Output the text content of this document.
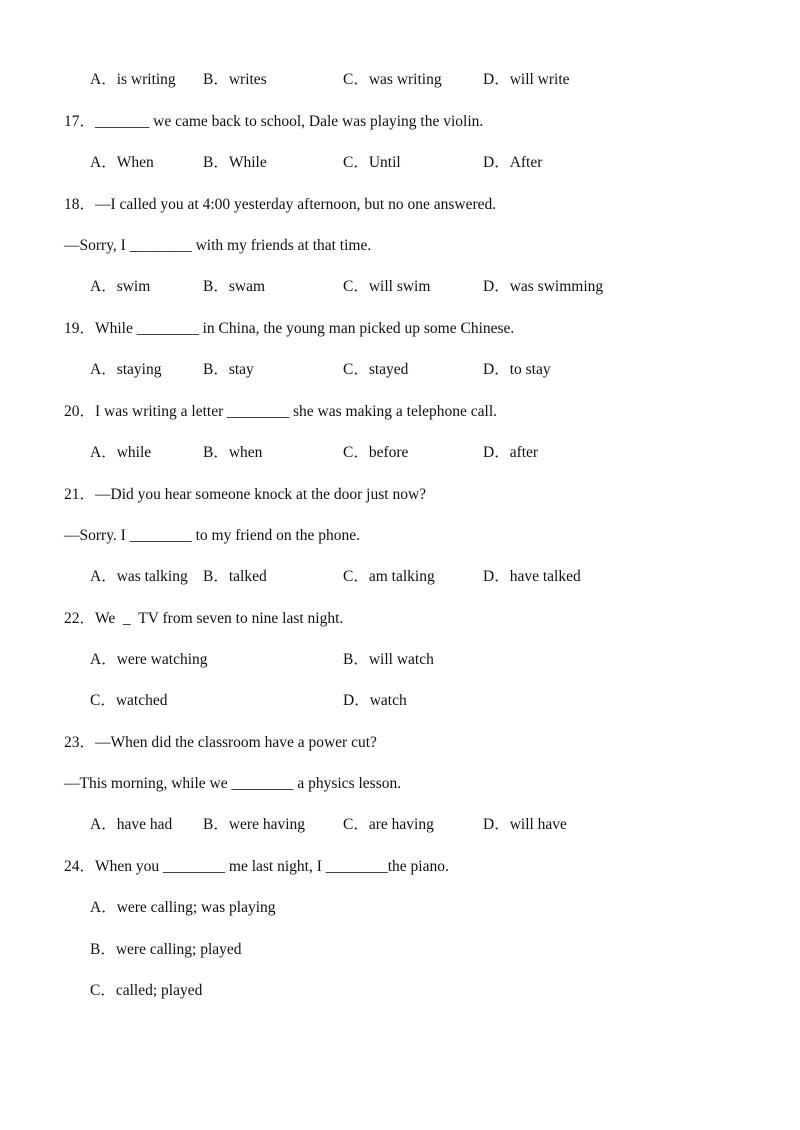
A．is writing B．writes	C．was writing	D．will write
17．_______ we came back to school, Dale was playing the violin.
A．When	B．While	C．Until	D．After
18．—I called you at 4:00 yesterday afternoon, but no one answered.
—Sorry, I ________ with my friends at that time.
A．swim	B．swam	C．will swim	D．was swimming
19．While ________ in China, the young man picked up some Chinese.
A．staying	B．stay	C．stayed	D．to stay
20．I was writing a letter ________ she was making a telephone call.
A．while	B．when	C．before	D．after
21．—Did you hear someone knock at the door just now?
—Sorry. I ________ to my friend on the phone.
A．was talking B．talked	C．am talking	D．have talked
22．We  _  TV from seven to nine last night.
A．were watching	B．will watch
C．watched	D．watch
23．—When did the classroom have a power cut?
—This morning, while we ________ a physics lesson.
A．have had B．were having C．are having	D．will have
24．When you ________ me last night, I ________the piano.
A．were calling; was playing
B．were calling; played
C．called; played
